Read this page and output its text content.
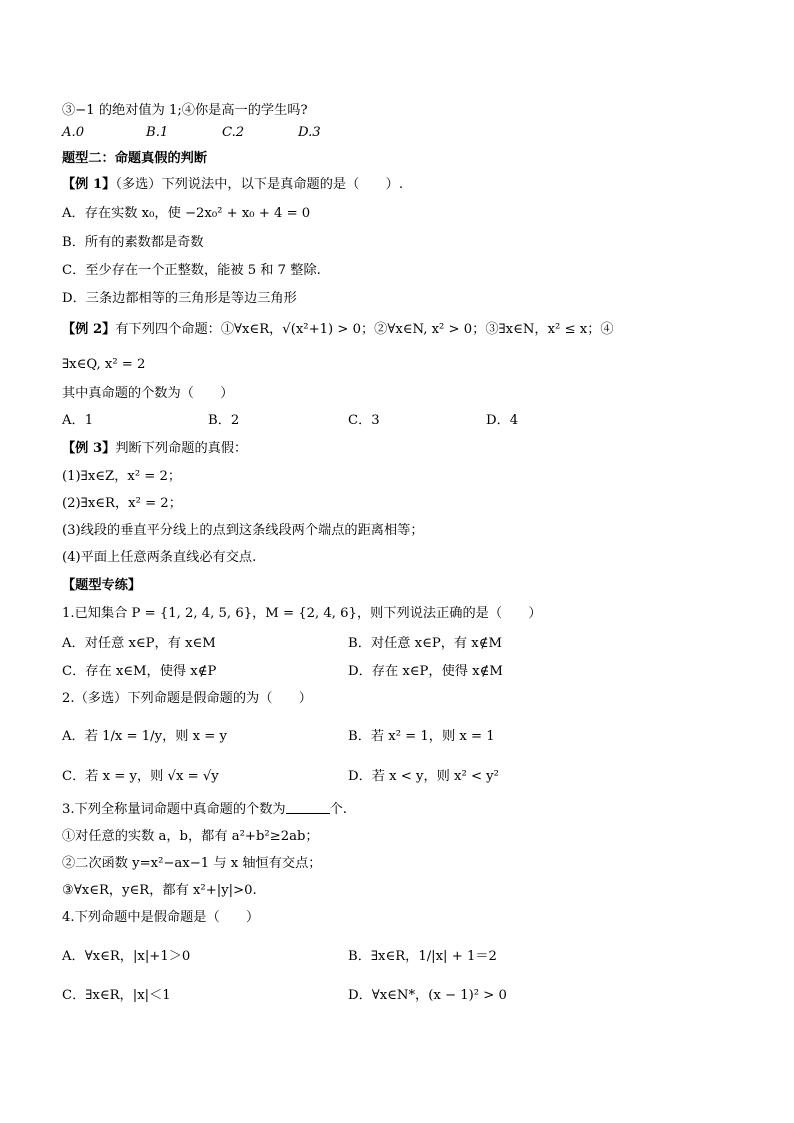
③−1 的绝对值为 1;④你是高一的学生吗?
A.0	B.1	C.2	D.3
题型二：命题真假的判断
【例 1】（多选）下列说法中，以下是真命题的是（　　）.
A．存在实数 x₀，使 −2x₀² + x₀ + 4 = 0
B．所有的素数都是奇数
C．至少存在一个正整数，能被 5 和 7 整除.
D．三条边都相等的三角形是等边三角形
【例 2】有下列四个命题：①∀x∈R，√(x²+1) > 0；②∀x∈N, x² > 0；③∃x∈N，x² ≤ x；④
∃x∈Q, x² = 2
其中真命题的个数为（　　）
A．1	B．2	C．3	D．4
【例 3】判断下列命题的真假：
(1)∃x∈Z，x² = 2；
(2)∃x∈R，x² = 2；
(3)线段的垂直平分线上的点到这条线段两个端点的距离相等；
(4)平面上任意两条直线必有交点.
【题型专练】
1.已知集合 P = {1, 2, 4, 5, 6}，M = {2, 4, 6}，则下列说法正确的是（　　）
A．对任意 x∈P，有 x∈M	B．对任意 x∈P，有 x∉M
C．存在 x∈M，使得 x∉P	D．存在 x∈P，使得 x∉M
2.（多选）下列命题是假命题的为（　　）
A．若 1/x = 1/y，则 x = y	B．若 x² = 1，则 x = 1
C．若 x = y，则 √x = √y	D．若 x < y，则 x² < y²
3.下列全称量词命题中真命题的个数为	个.
①对任意的实数 a，b，都有 a²+b²≥2ab；
②二次函数 y=x²−ax−1 与 x 轴恒有交点；
③∀x∈R，y∈R，都有 x²+|y|>0.
4.下列命题中是假命题是（　　）
A．∀x∈R，|x|+1＞0	B．∃x∈R，1/|x| + 1＝2
C．∃x∈R，|x|＜1	D．∀x∈N*，(x − 1)² > 0
